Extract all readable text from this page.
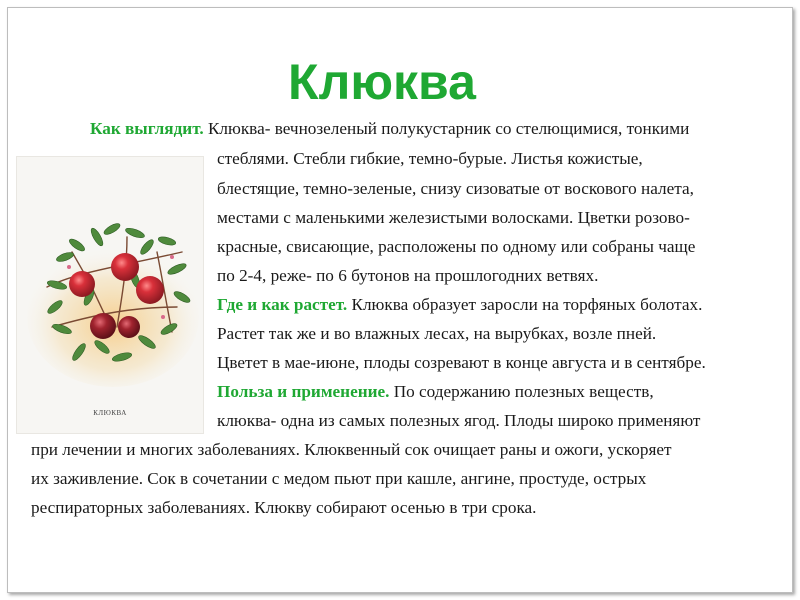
Клюква
КЛЮКВА
Как выглядит. Клюква- вечнозеленый полукустарник со стелющимися, тонкими
стеблями. Стебли гибкие, темно-бурые. Листья кожистые,
блестящие, темно-зеленые, снизу сизоватые от воскового налета,
местами с маленькими железистыми волосками. Цветки розово-
красные, свисающие, расположены по одному или собраны чаще
по 2-4, реже- по 6 бутонов на прошлогодних ветвях.
Где и как растет. Клюква образует заросли на торфяных болотах.
Растет так же и во влажных лесах, на вырубках, возле пней.
Цветет в мае-июне, плоды созревают в конце августа и в сентябре.
Польза и применение. По содержанию полезных веществ,
клюква- одна из самых полезных ягод. Плоды широко применяют
при лечении и многих заболеваниях. Клюквенный сок очищает раны и ожоги, ускоряет
их заживление. Сок в сочетании с медом пьют при кашле, ангине, простуде, острых
респираторных заболеваниях. Клюкву собирают осенью в три срока.
